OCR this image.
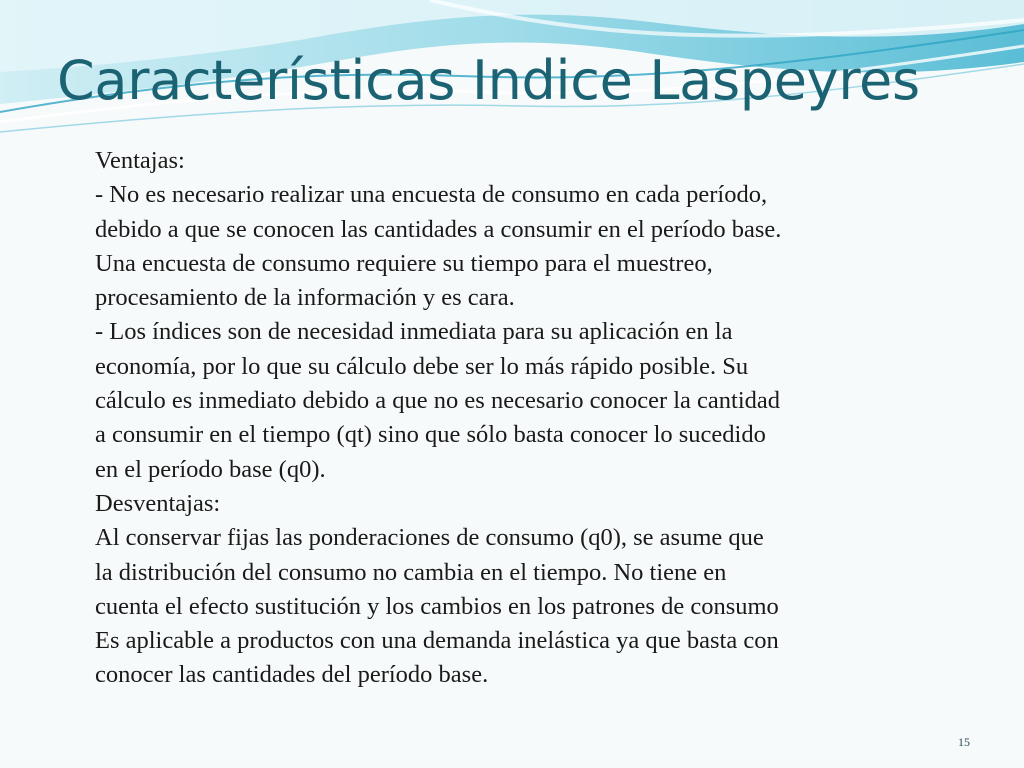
Características Indice Laspeyres
Ventajas:
- No es necesario realizar una encuesta de consumo en cada período,
debido a que se conocen las cantidades a consumir en el período base.
Una encuesta de consumo requiere su tiempo para el muestreo,
procesamiento de la información y es cara.
- Los índices son de necesidad inmediata para su aplicación en la
economía, por lo que su cálculo debe ser lo más rápido posible. Su
cálculo es inmediato debido a que no es necesario conocer la cantidad
a consumir en el tiempo (qt) sino que sólo basta conocer lo sucedido
en el período base (q0).
Desventajas:
Al conservar fijas las ponderaciones de consumo (q0), se asume que
la distribución del consumo no cambia en el tiempo. No tiene en
cuenta el efecto sustitución y los cambios en los patrones de consumo
Es aplicable a productos con una demanda inelástica ya que basta con
conocer las cantidades del período base.
15
